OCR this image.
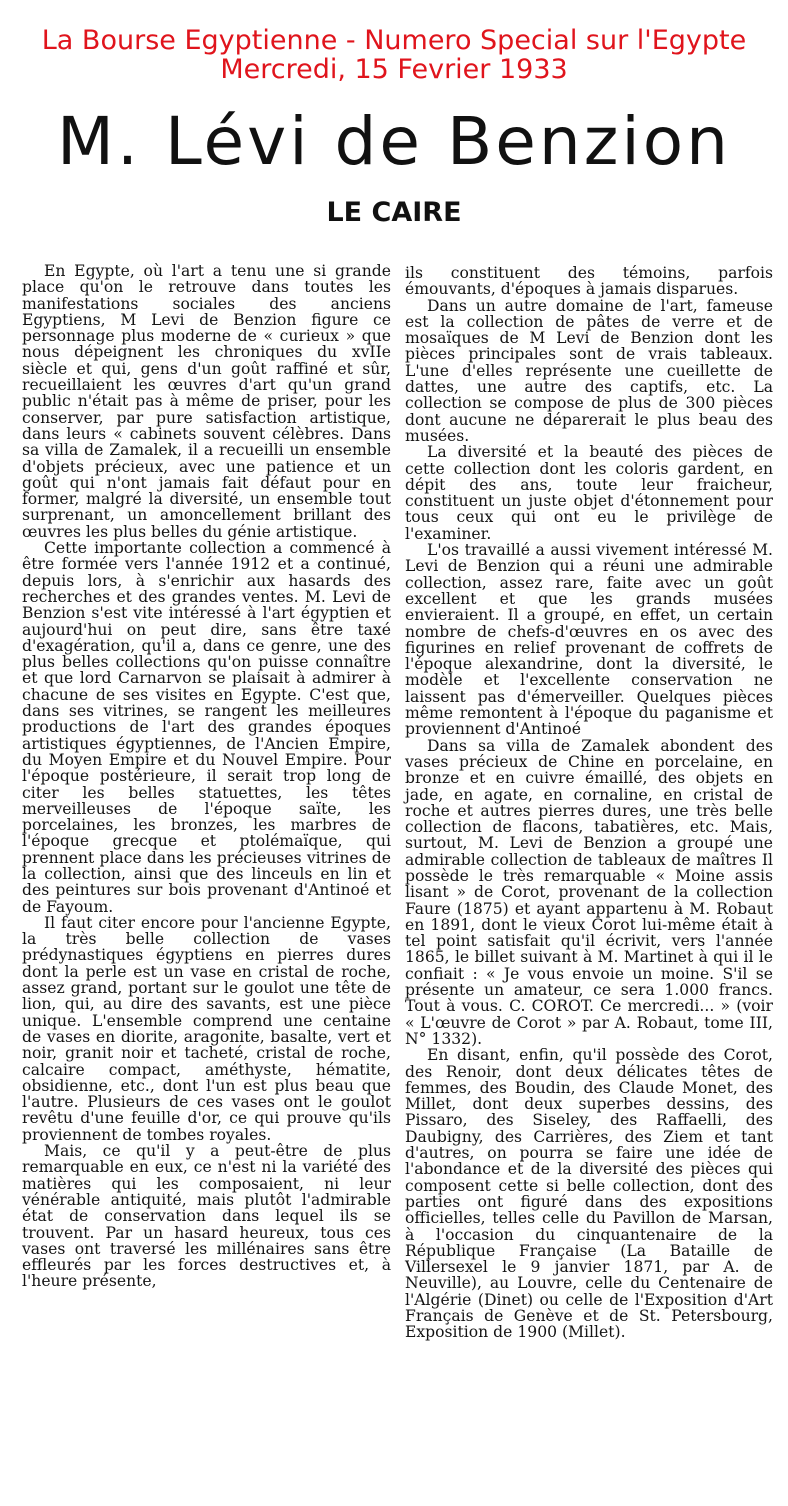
La Bourse Egyptienne - Numero Special sur l'Egypte
Mercredi, 15 Fevrier 1933
M. Lévi de Benzion
LE CAIRE

En Egypte, où l'art a tenu une si grande place qu'on le retrouve dans toutes les manifestations sociales des anciens Egyptiens, M Levi de Benzion figure ce personnage plus moderne de « curieux » que nous dépeignent les chroniques du xvIIe siècle et qui, gens d'un goût raffiné et sûr, recueillaient les œuvres d'art qu'un grand public n'était pas à même de priser, pour les conserver, par pure satisfaction artistique, dans leurs « cabinets souvent célèbres. Dans sa villa de Zamalek, il a recueilli un ensemble d'objets précieux, avec une patience et un goût qui n'ont jamais fait défaut pour en former, malgré la diversité, un ensemble tout surprenant, un amoncellement brillant des œuvres les plus belles du génie artistique.

Cette importante collection a commencé à être formée vers l'année 1912 et a continué, depuis lors, à s'enrichir aux hasards des recherches et des grandes ventes. M. Levi de Benzion s'est vite intéressé à l'art égyptien et aujourd'hui on peut dire, sans être taxé d'exagération, qu'il a, dans ce genre, une des plus belles collections qu'on puisse connaître et que lord Carnarvon se plaisait à admirer à chacune de ses visites en Egypte. C'est que, dans ses vitrines, se rangent les meilleures productions de l'art des grandes époques artistiques égyptiennes, de l'Ancien Empire, du Moyen Empire et du Nouvel Empire. Pour l'époque postérieure, il serait trop long de citer les belles statuettes, les têtes merveilleuses de l'époque saïte, les porcelaines, les bronzes, les marbres de l'époque grecque et ptolémaïque, qui prennent place dans les précieuses vitrines de la collection, ainsi que des linceuls en lin et des peintures sur bois provenant d'Antinoé et de Fayoum.

Il faut citer encore pour l'ancienne Egypte, la très belle collection de vases prédynastiques égyptiens en pierres dures dont la perle est un vase en cristal de roche, assez grand, portant sur le goulot une tête de lion, qui, au dire des savants, est une pièce unique. L'ensemble comprend une centaine de vases en diorite, aragonite, basalte, vert et noir, granit noir et tacheté, cristal de roche, calcaire compact, améthyste, hématite, obsidienne, etc., dont l'un est plus beau que l'autre. Plusieurs de ces vases ont le goulot revêtu d'une feuille d'or, ce qui prouve qu'ils proviennent de tombes royales.

Mais, ce qu'il y a peut-être de plus remarquable en eux, ce n'est ni la variété des matières qui les composaient, ni leur vénérable antiquité, mais plutôt l'admirable état de conservation dans lequel ils se trouvent. Par un hasard heureux, tous ces vases ont traversé les millénaires sans être effleurés par les forces destructives et, à l'heure présente,

ils constituent des témoins, parfois émouvants, d'époques à jamais disparues.

Dans un autre domaine de l'art, fameuse est la collection de pâtes de verre et de mosaïques de M Levi de Benzion dont les pièces principales sont de vrais tableaux. L'une d'elles représente une cueillette de dattes, une autre des captifs, etc. La collection se compose de plus de 300 pièces dont aucune ne déparerait le plus beau des musées.

La diversité et la beauté des pièces de cette collection dont les coloris gardent, en dépit des ans, toute leur fraicheur, constituent un juste objet d'étonnement pour tous ceux qui ont eu le privilège de l'examiner.

L'os travaillé a aussi vivement intéressé M. Levi de Benzion qui a réuni une admirable collection, assez rare, faite avec un goût excellent et que les grands musées envieraient. Il a groupé, en effet, un certain nombre de chefs-d'œuvres en os avec des figurines en relief provenant de coffrets de l'époque alexandrine, dont la diversité, le modèle et l'excellente conservation ne laissent pas d'émerveiller. Quelques pièces même remontent à l'époque du paganisme et proviennent d'Antinoé

Dans sa villa de Zamalek abondent des vases précieux de Chine en porcelaine, en bronze et en cuivre émaillé, des objets en jade, en agate, en cornaline, en cristal de roche et autres pierres dures, une très belle collection de flacons, tabatières, etc. Mais, surtout, M. Levi de Benzion a groupé une admirable collection de tableaux de maîtres Il possède le très remarquable « Moine assis lisant » de Corot, provenant de la collection Faure (1875) et ayant appartenu à M. Robaut en 1891, dont le vieux Corot lui-même était à tel point satisfait qu'il écrivit, vers l'année 1865, le billet suivant à M. Martinet à qui il le confiait : « Je vous envoie un moine. S'il se présente un amateur, ce sera 1.000 francs. Tout à vous. C. COROT. Ce mercredi... » (voir « L'œuvre de Corot » par A. Robaut, tome III, N° 1332).

En disant, enfin, qu'il possède des Corot, des Renoir, dont deux délicates têtes de femmes, des Boudin, des Claude Monet, des Millet, dont deux superbes dessins, des Pissaro, des Siseley, des Raffaelli, des Daubigny, des Carrières, des Ziem et tant d'autres, on pourra se faire une idée de l'abondance et de la diversité des pièces qui composent cette si belle collection, dont des parties ont figuré dans des expositions officielles, telles celle du Pavillon de Marsan, à l'occasion du cinquantenaire de la République Française (La Bataille de Villersexel le 9 janvier 1871, par A. de Neuville), au Louvre, celle du Centenaire de l'Algérie (Dinet) ou celle de l'Exposition d'Art Français de Genève et de St. Petersbourg, Exposition de 1900 (Millet).
